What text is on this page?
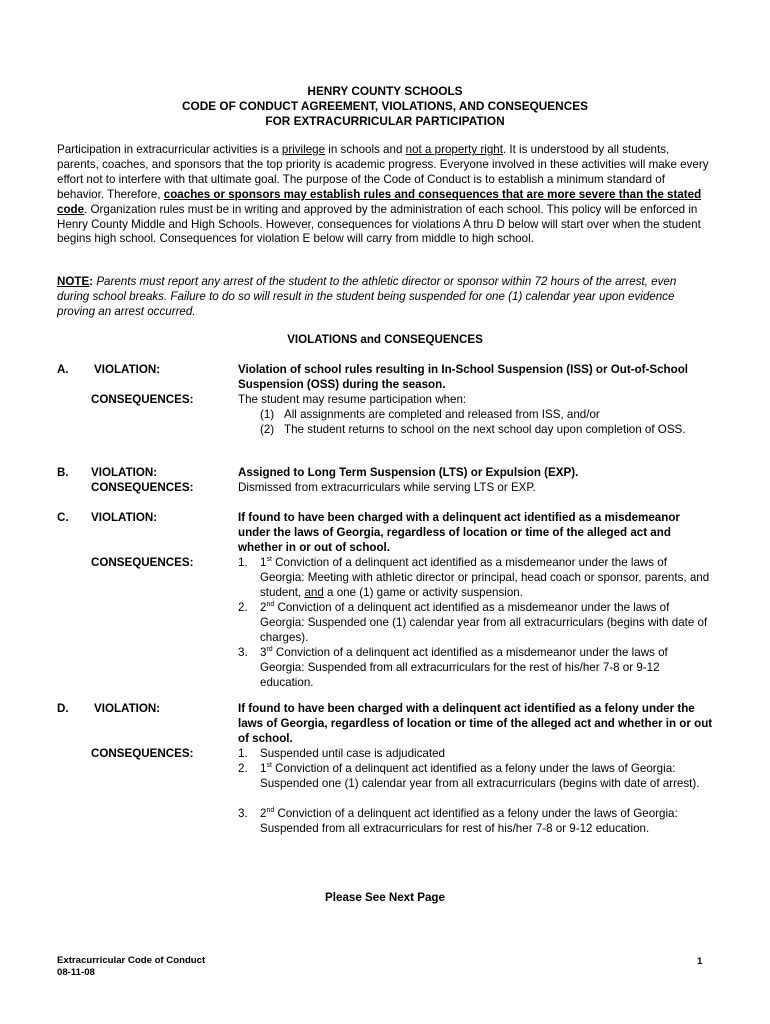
HENRY COUNTY SCHOOLS
CODE OF CONDUCT AGREEMENT, VIOLATIONS, AND CONSEQUENCES
FOR EXTRACURRICULAR PARTICIPATION
Participation in extracurricular activities is a privilege in schools and not a property right. It is understood by all students, parents, coaches, and sponsors that the top priority is academic progress. Everyone involved in these activities will make every effort not to interfere with that ultimate goal. The purpose of the Code of Conduct is to establish a minimum standard of behavior. Therefore, coaches or sponsors may establish rules and consequences that are more severe than the stated code. Organization rules must be in writing and approved by the administration of each school. This policy will be enforced in Henry County Middle and High Schools. However, consequences for violations A thru D below will start over when the student begins high school. Consequences for violation E below will carry from middle to high school.
NOTE: Parents must report any arrest of the student to the athletic director or sponsor within 72 hours of the arrest, even during school breaks. Failure to do so will result in the student being suspended for one (1) calendar year upon evidence proving an arrest occurred.
VIOLATIONS and CONSEQUENCES
A. VIOLATION:
CONSEQUENCES:
Violation of school rules resulting in In-School Suspension (ISS) or Out-of-School Suspension (OSS) during the season.
The student may resume participation when:
(1) All assignments are completed and released from ISS, and/or
(2) The student returns to school on the next school day upon completion of OSS.
B. VIOLATION:
CONSEQUENCES:
Assigned to Long Term Suspension (LTS) or Expulsion (EXP).
Dismissed from extracurriculars while serving LTS or EXP.
C. VIOLATION:
CONSEQUENCES:
If found to have been charged with a delinquent act identified as a misdemeanor under the laws of Georgia, regardless of location or time of the alleged act and whether in or out of school.
1. 1st Conviction of a delinquent act identified as a misdemeanor under the laws of Georgia: Meeting with athletic director or principal, head coach or sponsor, parents, and student, and a one (1) game or activity suspension.
2. 2nd Conviction of a delinquent act identified as a misdemeanor under the laws of Georgia: Suspended one (1) calendar year from all extracurriculars (begins with date of charges).
3. 3rd Conviction of a delinquent act identified as a misdemeanor under the laws of Georgia: Suspended from all extracurriculars for the rest of his/her 7-8 or 9-12 education.
D. VIOLATION:
CONSEQUENCES:
If found to have been charged with a delinquent act identified as a felony under the laws of Georgia, regardless of location or time of the alleged act and whether in or out of school.
1. Suspended until case is adjudicated
2. 1st Conviction of a delinquent act identified as a felony under the laws of Georgia: Suspended one (1) calendar year from all extracurriculars (begins with date of arrest).
3. 2nd Conviction of a delinquent act identified as a felony under the laws of Georgia: Suspended from all extracurriculars for rest of his/her 7-8 or 9-12 education.
Please See Next Page
Extracurricular Code of Conduct
08-11-08
1
